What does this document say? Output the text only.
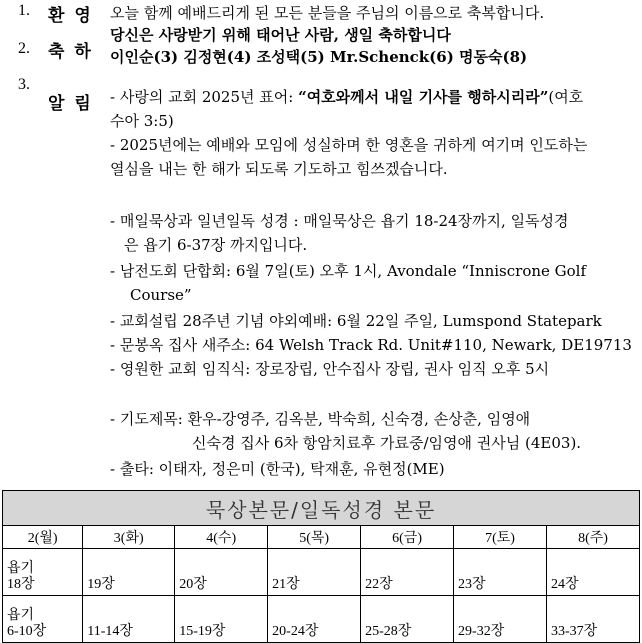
1. 환 영
2. 축 하
3.
알 림
오늘 함께 예배드리게 된 모든 분들을 주님의 이름으로 축복합니다.
당신은 사랑받기 위해 태어난 사람, 생일 축하합니다
이인순(3) 김정현(4) 조성택(5) Mr.Schenck(6) 명동숙(8)
- 사랑의 교회 2025년 표어: “여호와께서 내일 기사를 행하시리라”(여호
수아 3:5)
- 2025년에는 예배와 모임에 성실하며 한 영혼을 귀하게 여기며 인도하는
열심을 내는 한 해가 되도록 기도하고 힘쓰겠습니다.
- 매일묵상과 일년일독 성경 : 매일묵상은 욥기 18-24장까지, 일독성경
은 욥기 6-37장 까지입니다.
- 남전도회 단합회: 6월 7일(토) 오후 1시, Avondale “Inniscrone Golf
Course”
- 교회설립 28주년 기념 야외예배: 6월 22일 주일, Lumspond Statepark
- 문봉옥 집사 새주소: 64 Welsh Track Rd. Unit#110, Newark, DE19713
- 영원한 교회 임직식: 장로장립, 안수집사 장립, 권사 임직 오후 5시
- 기도제목: 환우-강영주, 김옥분, 박숙희, 신숙경, 손상춘, 임영애
신숙경 집사 6차 항암치료후 가료중/임영애 권사님 (4E03).
- 출타: 이태자, 정은미 (한국), 탁재훈, 유현정(ME)
묵상본문/일독성경 본문						
2(월)	3(화)	4(수)	5(목)	6(금)	7(토)	8(주)
욥기
18장	19장	20장	21장	22장	23장	24장
욥기
6-10장	11-14장	15-19장	20-24장	25-28장	29-32장	33-37장
